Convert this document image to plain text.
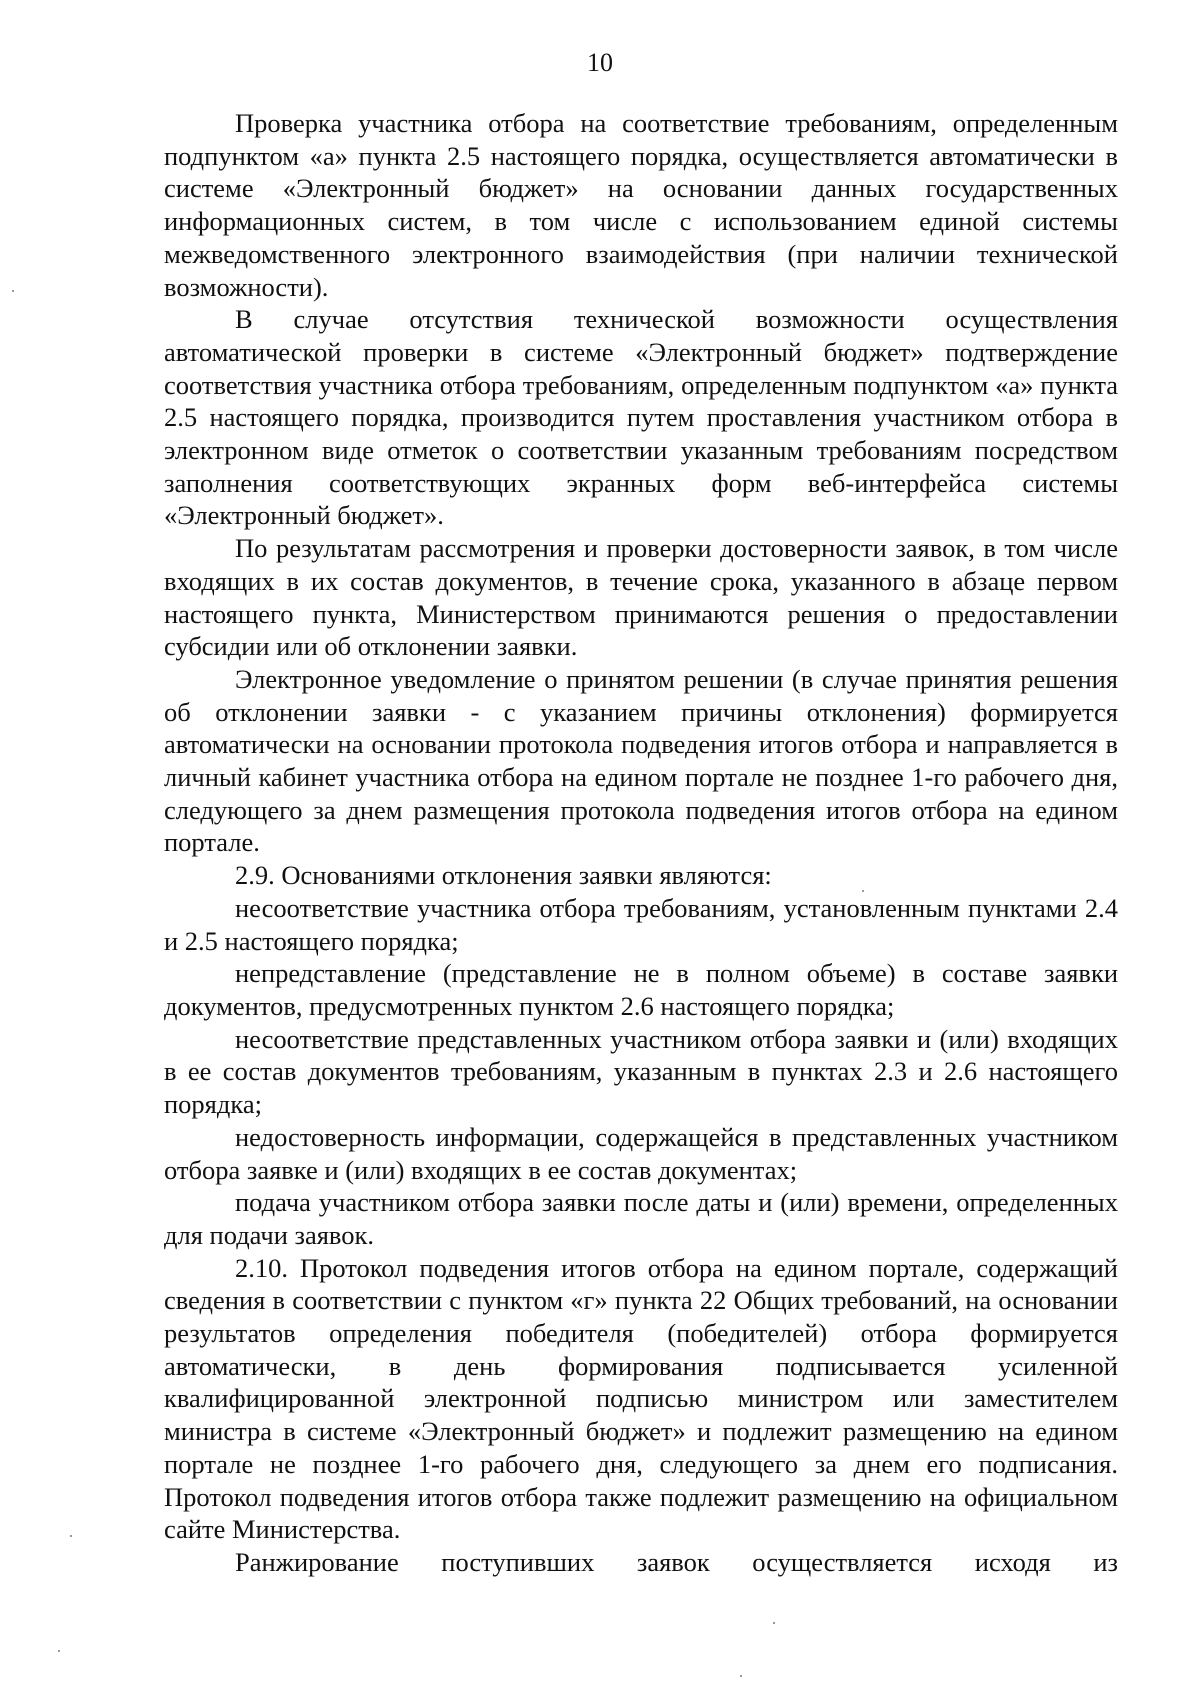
10

Проверка участника отбора на соответствие требованиям, определенным подпунктом «а» пункта 2.5 настоящего порядка, осуществляется автоматически в системе «Электронный бюджет» на основании данных государственных информационных систем, в том числе с использованием единой системы межведомственного электронного взаимодействия (при наличии технической возможности).

В случае отсутствия технической возможности осуществления автоматической проверки в системе «Электронный бюджет» подтверждение соответствия участника отбора требованиям, определенным подпунктом «а» пункта 2.5 настоящего порядка, производится путем проставления участником отбора в электронном виде отметок о соответствии указанным требованиям посредством заполнения соответствующих экранных форм веб-интерфейса системы «Электронный бюджет».

По результатам рассмотрения и проверки достоверности заявок, в том числе входящих в их состав документов, в течение срока, указанного в абзаце первом настоящего пункта, Министерством принимаются решения о предоставлении субсидии или об отклонении заявки.

Электронное уведомление о принятом решении (в случае принятия решения об отклонении заявки - с указанием причины отклонения) формируется автоматически на основании протокола подведения итогов отбора и направляется в личный кабинет участника отбора на едином портале не позднее 1-го рабочего дня, следующего за днем размещения протокола подведения итогов отбора на едином портале.

2.9. Основаниями отклонения заявки являются:

несоответствие участника отбора требованиям, установленным пунктами 2.4 и 2.5 настоящего порядка;

непредставление (представление не в полном объеме) в составе заявки документов, предусмотренных пунктом 2.6 настоящего порядка;

несоответствие представленных участником отбора заявки и (или) входящих в ее состав документов требованиям, указанным в пунктах 2.3 и 2.6 настоящего порядка;

недостоверность информации, содержащейся в представленных участником отбора заявке и (или) входящих в ее состав документах;

подача участником отбора заявки после даты и (или) времени, определенных для подачи заявок.

2.10. Протокол подведения итогов отбора на едином портале, содержащий сведения в соответствии с пунктом «г» пункта 22 Общих требований, на основании результатов определения победителя (победителей) отбора формируется автоматически, в день формирования подписывается усиленной квалифицированной электронной подписью министром или заместителем министра в системе «Электронный бюджет» и подлежит размещению на едином портале не позднее 1-го рабочего дня, следующего за днем его подписания. Протокол подведения итогов отбора также подлежит размещению на официальном сайте Министерства.

Ранжирование поступивших заявок осуществляется исходя из
